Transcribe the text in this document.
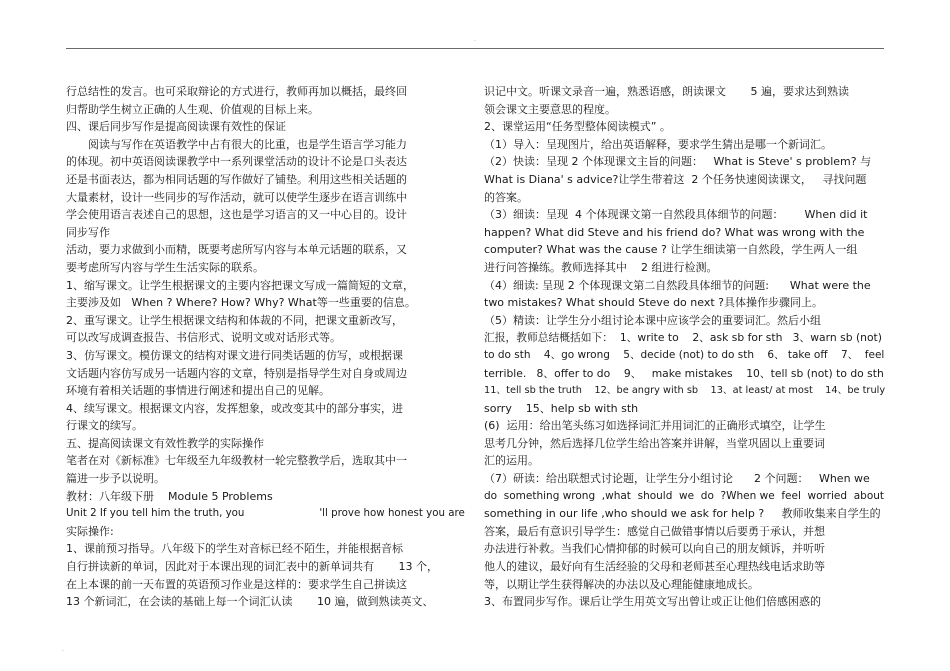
·
行总结性的发言。也可采取辩论的方式进行，教师再加以概括，最终回
归帮助学生树立正确的人生观、价值观的目标上来。
四、课后同步写作是提高阅读课有效性的保证
阅读与写作在英语教学中占有很大的比重，也是学生语言学习能力
的体现。初中英语阅读课教学中一系列课堂活动的设计不论是口头表达
还是书面表达，都为相同话题的写作做好了铺垫。利用这些相关话题的
大量素材，设计一些同步的写作活动，就可以使学生逐步在语言训练中
学会使用语言表述自己的思想，这也是学习语言的又一中心目的。设计
同步写作
活动，要力求做到小而精，既要考虑所写内容与本单元话题的联系，又
要考虑所写内容与学生生活实际的联系。
1、缩写课文。让学生根据课文的主要内容把课文写成一篇简短的文章，
主要涉及如   When ? Where? How? Why? What等一些重要的信息。
2、重写课文。让学生根据课文结构和体裁的不同，把课文重新改写，
可以改写成调查报告、书信形式、说明文或对话形式等。
3、仿写课文。模仿课文的结构对课文进行同类话题的仿写，或根据课
文话题内容仿写成另一话题内容的文章，特别是指导学生对自身或周边
环境有着相关话题的事情进行阐述和提出自己的见解。
4、续写课文。根据课文内容，发挥想象，或改变其中的部分事实，进
行课文的续写。
五、提高阅读课文有效性教学的实际操作
笔者在对《新标准》七年级至九年级教材一轮完整教学后，选取其中一
篇进一步予以说明。
教材：八年级下册    Module 5 Problems
Unit 2 If you tell him the truth, you                       'll prove how honest you are
实际操作:
1、课前预习指导。八年级下的学生对音标已经不陌生，并能根据音标
自行拼读新的单词，因此对于本课出现的词汇表中的新单词共有       13 个，
在上本课的前一天布置的英语预习作业是这样的：要求学生自己拼读这
13 个新词汇，在会读的基础上每一个词汇认读       10 遍，做到熟读英文、
识记中文。听课文录音一遍，熟悉语感，朗读课文       5 遍，要求达到熟读
领会课文主要意思的程度。
2、课堂运用“任务型整体阅读模式” 。
（1）导入：呈现图片，给出英语解释，要求学生猜出是哪一个新词汇。
（2）快读：呈现 2 个体现课文主旨的问题：   What is Steve' s problem? 与
What is Diana' s advice?让学生带着这  2 个任务快速阅读课文，   寻找问题
的答案。
（3）细读：呈现  4 个体现课文第一自然段具体细节的问题：      When did it
happen? What did Steve and his friend do? What was wrong with the
computer? What was the cause ? 让学生细读第一自然段，学生两人一组
进行问答操练。教师选择其中    2 组进行检测。
（4）细读: 呈现 2 个体现课文第二自然段具体细节的问题:      What were the
two mistakes? What should Steve do next ?具体操作步骤同上。
（5）精读：让学生分小组讨论本课中应该学会的重要词汇。然后小组
汇报，教师总结概括如下：  1、write to    2、ask sb for sth   3、warn sb (not)
to do sth    4、go wrong    5、decide (not) to do sth    6、 take off    7、  feel
terrible.   8、offer to do    9、   make mistakes    10、tell sb (not) to do sth
11、tell sb the truth    12、be angry with sb    13、at least/ at most    14、be truly
sorry    15、help sb with sth
(6)  运用：给出笔头练习如选择词汇并用词汇的正确形式填空，让学生
思考几分钟，然后选择几位学生给出答案并讲解，当堂巩固以上重要词
汇的运用。
（7）研读：给出联想式讨论题，让学生分小组讨论      2 个问题：   When we
do  something wrong  ,what  should  we  do  ?When we  feel  worried  about
something in our life ,who should we ask for help ?     教师收集来自学生的
答案，最后有意识引导学生：感觉自己做错事情以后要勇于承认，并想
办法进行补救。当我们心情抑郁的时候可以向自己的朋友倾诉，并听听
他人的建议，最好向有生活经验的父母和老师甚至心理热线电话求助等
等，以期让学生获得解决的办法以及心理能健康地成长。
3、布置同步写作。课后让学生用英文写出曾让或正让他们倍感困惑的
·
